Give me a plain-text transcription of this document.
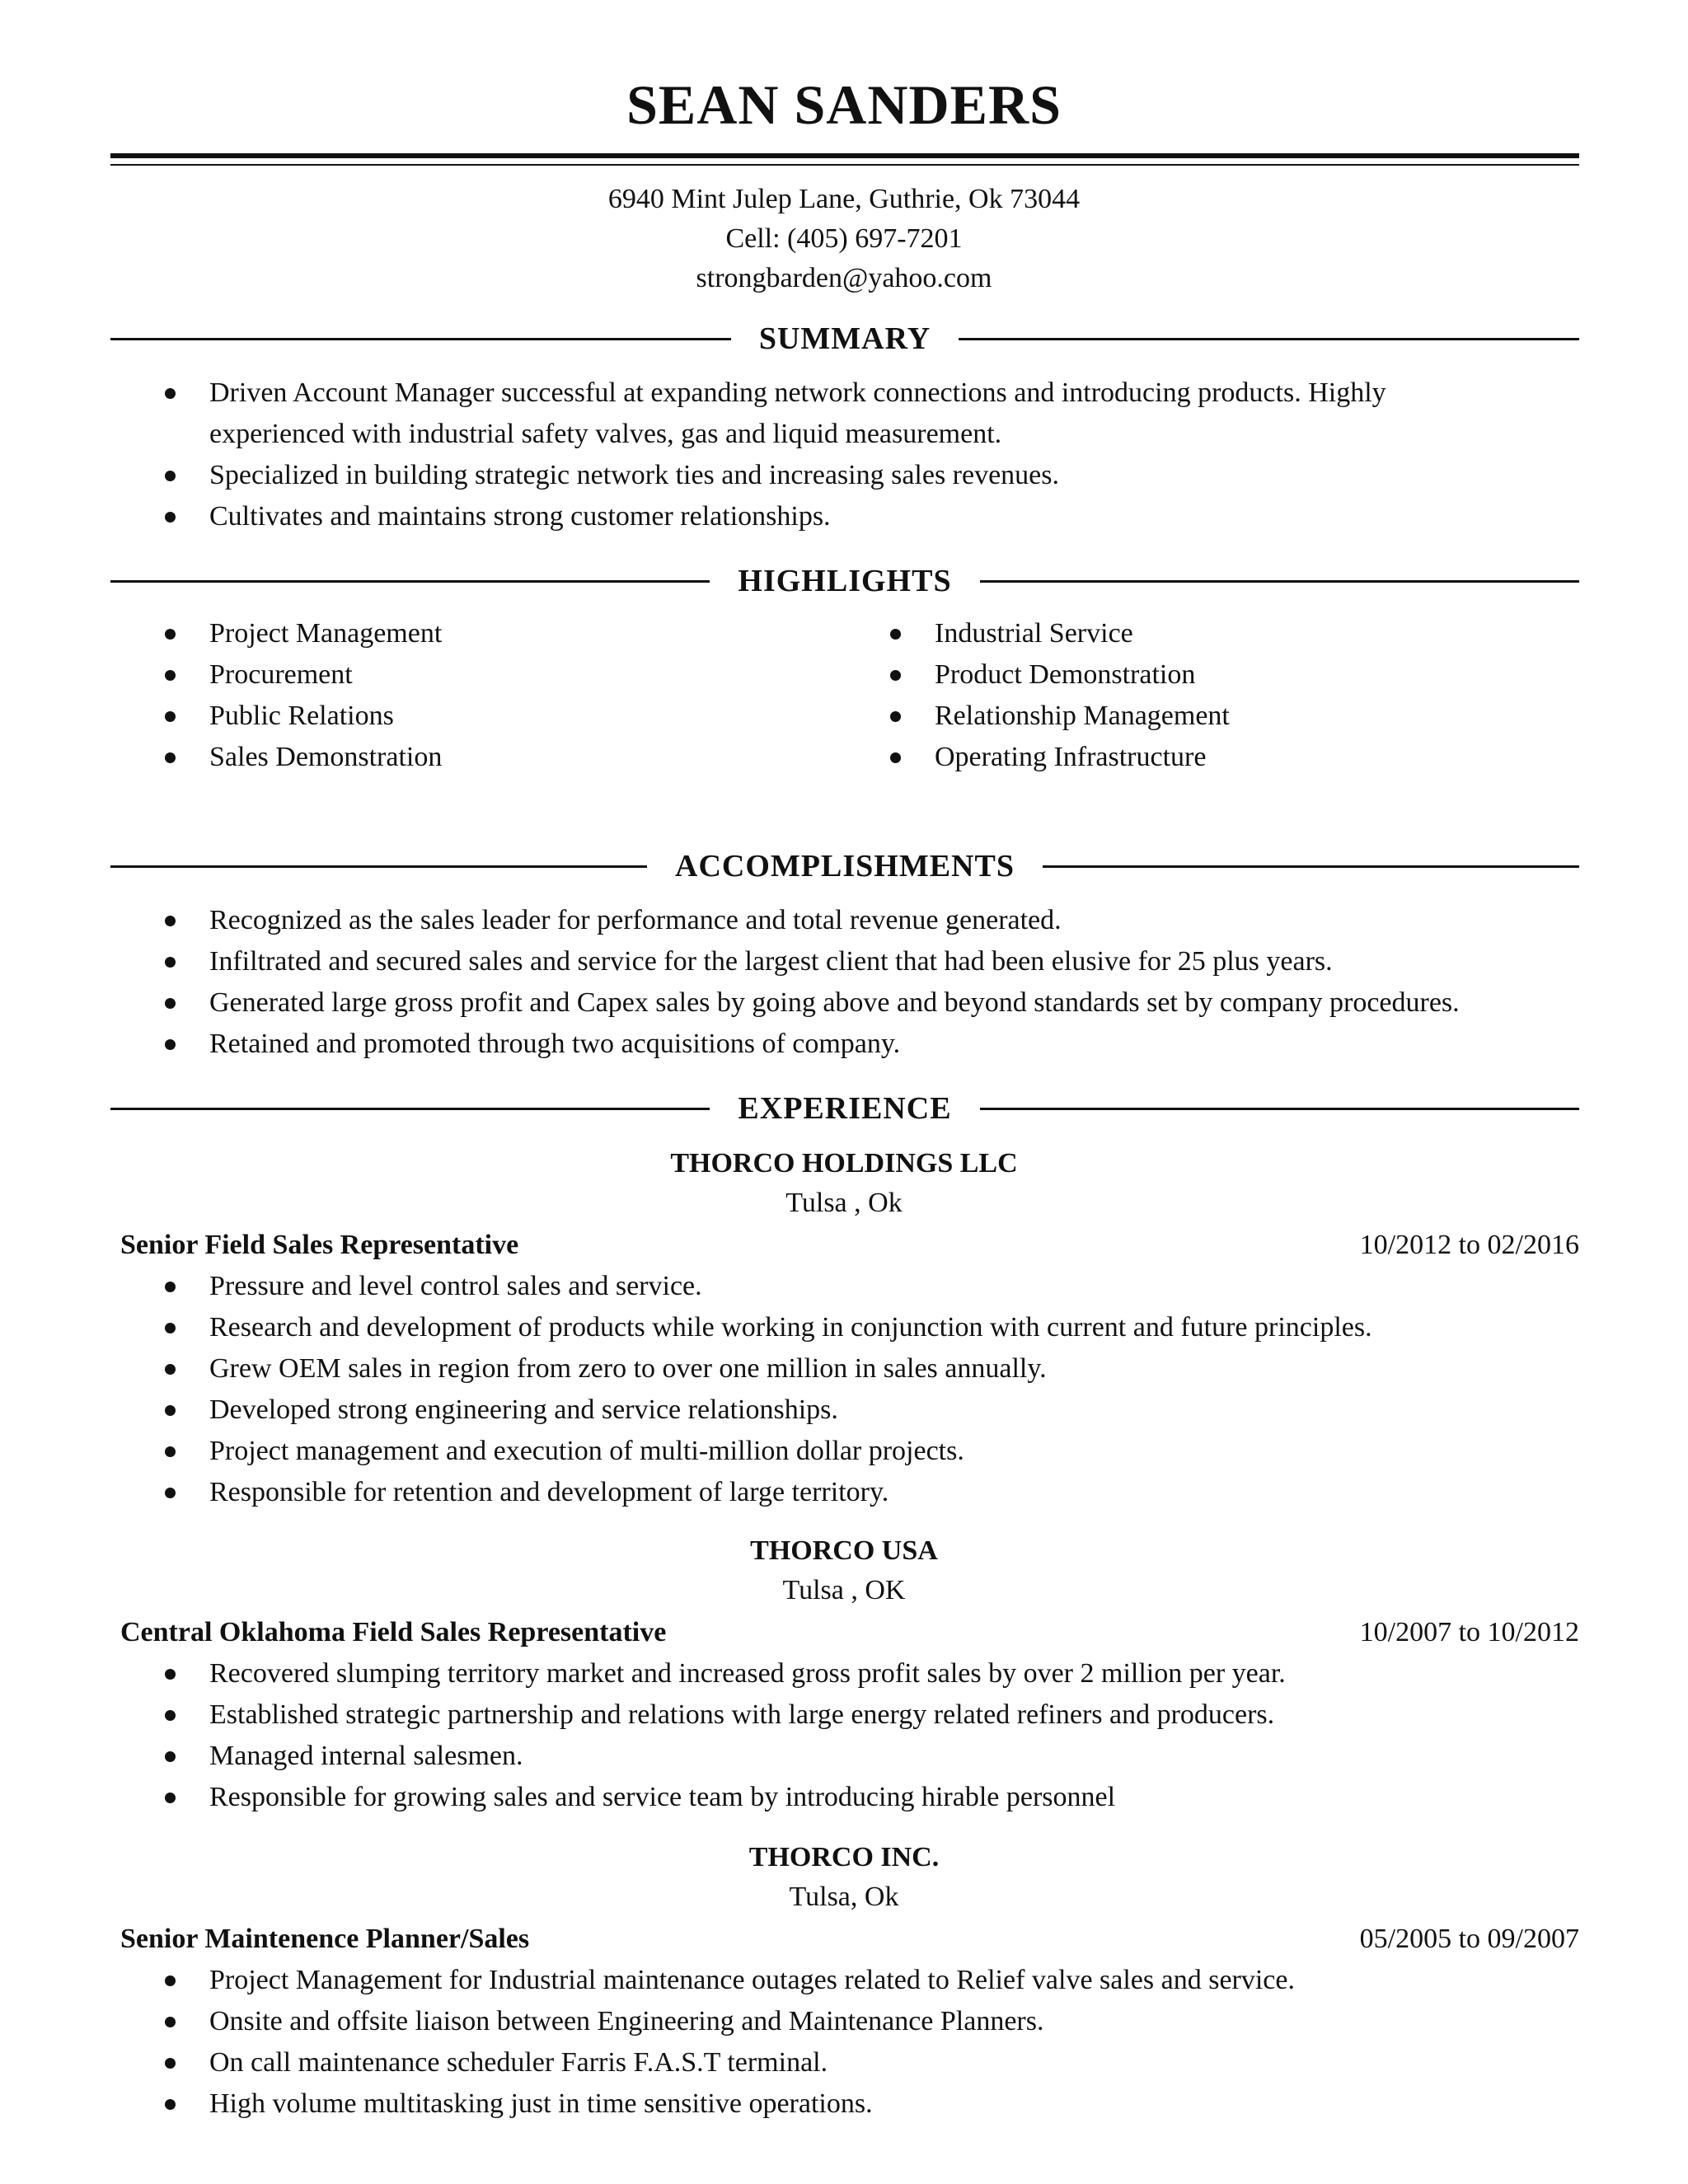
SEAN SANDERS
6940 Mint Julep Lane, Guthrie, Ok 73044
Cell: (405) 697-7201
strongbarden@yahoo.com
SUMMARY
Driven Account Manager successful at expanding network connections and introducing products. Highly experienced with industrial safety valves, gas and liquid measurement.
Specialized in building strategic network ties and increasing sales revenues.
Cultivates and maintains strong customer relationships.
HIGHLIGHTS
Project Management
Procurement
Public Relations
Sales Demonstration
Industrial Service
Product Demonstration
Relationship Management
Operating Infrastructure
ACCOMPLISHMENTS
Recognized as the sales leader for performance and total revenue generated.
Infiltrated and secured sales and service for the largest client that had been elusive for 25 plus years.
Generated large gross profit and Capex sales by going above and beyond standards set by company procedures.
Retained and promoted through two acquisitions of company.
EXPERIENCE
THORCO HOLDINGS LLC
Tulsa , Ok
Senior Field Sales Representative	10/2012 to 02/2016
Pressure and level control sales and service.
Research and development of products while working in conjunction with current and future principles.
Grew OEM sales in region from zero to over one million in sales annually.
Developed strong engineering and service relationships.
Project management and execution of multi-million dollar projects.
Responsible for retention and development of large territory.
THORCO USA
Tulsa , OK
Central Oklahoma Field Sales Representative	10/2007 to 10/2012
Recovered slumping territory market and increased gross profit sales by over 2 million per year.
Established strategic partnership and relations with large energy related refiners and producers.
Managed internal salesmen.
Responsible for growing sales and service team by introducing hirable personnel
THORCO INC.
Tulsa, Ok
Senior Maintenence Planner/Sales	05/2005 to 09/2007
Project Management for Industrial maintenance outages related to Relief valve sales and service.
Onsite and offsite liaison between Engineering and Maintenance Planners.
On call maintenance scheduler Farris F.A.S.T terminal.
High volume multitasking just in time sensitive operations.
